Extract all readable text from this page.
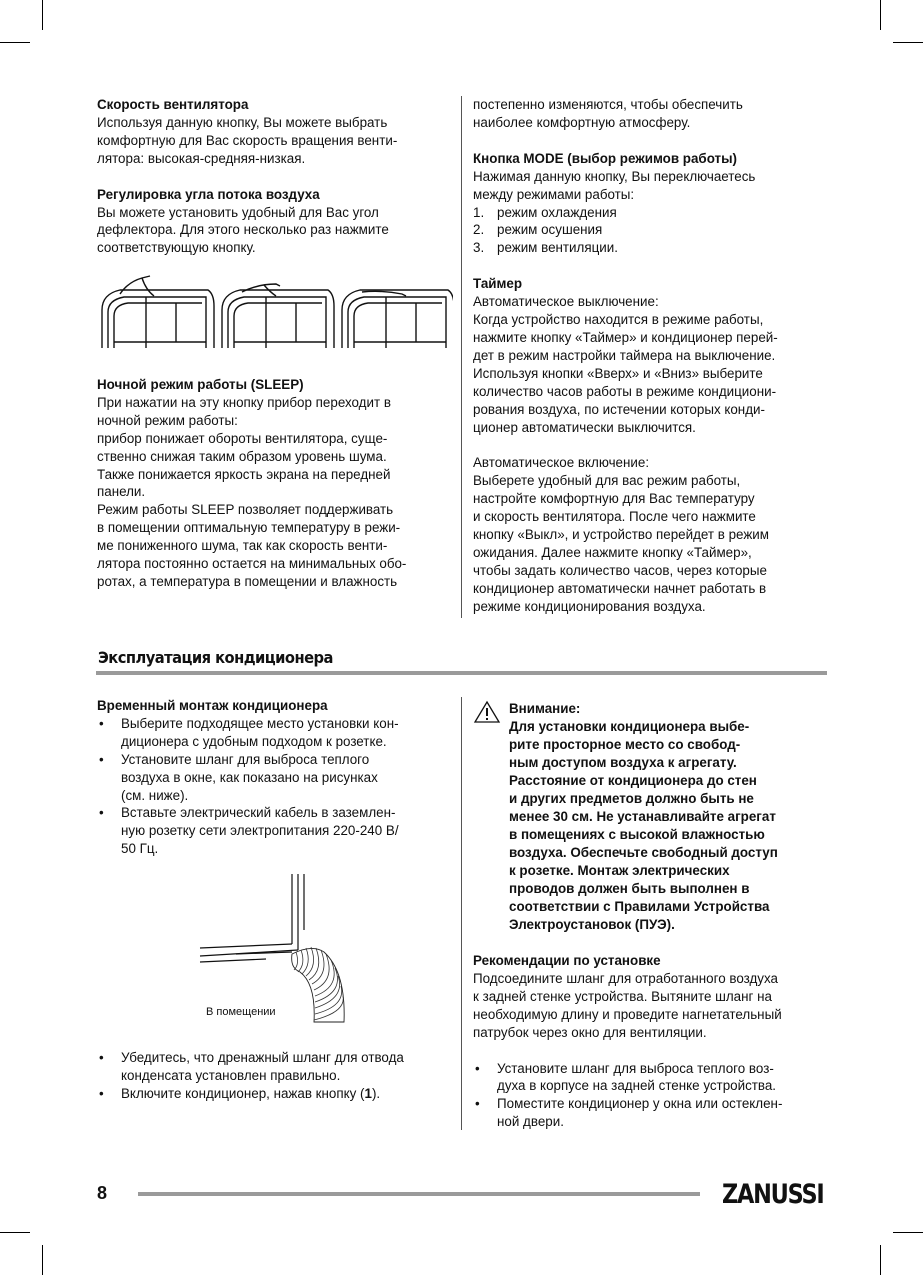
Скорость вентилятора

Используя данную кнопку, Вы можете выбрать

комфортную для Вас скорость вращения венти-

лятора: высокая-средняя-низкая.

Регулировка угла потока воздуха

Вы можете установить удобный для Вас угол

дефлектора. Для этого несколько раз нажмите

соответствующую кнопку.

Ночной режим работы (SLEEP)

При нажатии на эту кнопку прибор переходит в

ночной режим работы:

прибор понижает обороты вентилятора, суще-

ственно снижая таким образом уровень шума.

Также понижается яркость экрана на передней

панели.

Режим работы SLEEP позволяет поддерживать

в помещении оптимальную температуру в режи-

ме пониженного шума, так как скорость венти-

лятора постоянно остается на минимальных обо-

ротах, а температура в помещении и влажность

постепенно изменяются, чтобы обеспечить

наиболее комфортную атмосферу.

Кнопка MODE (выбор режимов работы)

Нажимая данную кнопку, Вы переключаетесь

между режимами работы:

1. режим охлаждения
2. режим осушения
3. режим вентиляции.

Таймер

Автоматическое выключение:

Когда устройство находится в режиме работы,

нажмите кнопку «Таймер» и кондиционер перей-

дет в режим настройки таймера на выключение.

Используя кнопки «Вверх» и «Вниз» выберите

количество часов работы в режиме кондициони-

рования воздуха, по истечении которых конди-

ционер автоматически выключится.

Автоматическое включение:

Выберете удобный для вас режим работы,

настройте комфортную для Вас температуру

и скорость вентилятора. После чего нажмите

кнопку «Выкл», и устройство перейдет в режим

ожидания. Далее нажмите кнопку «Таймер»,

чтобы задать количество часов, через которые

кондиционер автоматически начнет работать в

режиме кондиционирования воздуха.

Эксплуатация кондиционера

Временный монтаж кондиционера

• Выберите подходящее место установки кон-
диционера с удобным подходом к розетке.
• Установите шланг для выброса теплого
воздуха в окне, как показано на рисунках
(см. ниже).
• Вставьте электрический кабель в заземлен-
ную розетку сети электропитания 220-240 В/
50 Гц.
В помещении
• Убедитесь, что дренажный шланг для отвода
конденсата установлен правильно.
• Включите кондиционер, нажав кнопку (1).

Внимание:

Для установки кондиционера выбе-

рите просторное место со свобод-

ным доступом воздуха к агрегату.

Расстояние от кондиционера до стен

и других предметов должно быть не

менее 30 см. Не устанавливайте агрегат

в помещениях с высокой влажностью

воздуха. Обеспечьте свободный доступ

к розетке. Монтаж электрических

проводов должен быть выполнен в

соответствии с Правилами Устройства

Электроустановок (ПУЭ).

Рекомендации по установке

Подсоедините шланг для отработанного воздуха

к задней стенке устройства. Вытяните шланг на

необходимую длину и проведите нагнетательный

патрубок через окно для вентиляции.

• Установите шланг для выброса теплого воз-
духа в корпусе на задней стенке устройства.
• Поместите кондиционер у окна или остеклен-
ной двери.
8	ZANUSSI
